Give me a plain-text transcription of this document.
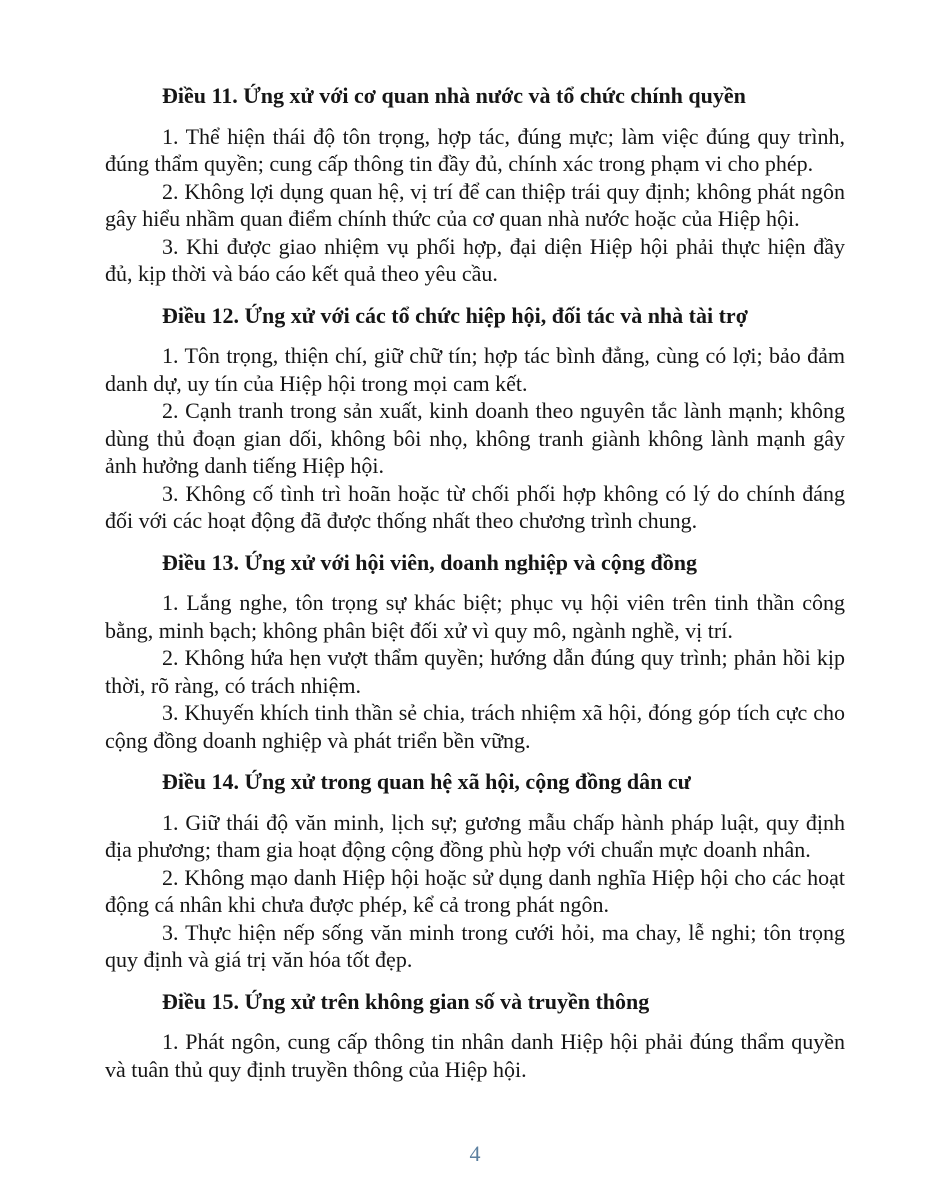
Điều 11. Ứng xử với cơ quan nhà nước và tổ chức chính quyền

1. Thể hiện thái độ tôn trọng, hợp tác, đúng mực; làm việc đúng quy trình, đúng thẩm quyền; cung cấp thông tin đầy đủ, chính xác trong phạm vi cho phép.

2. Không lợi dụng quan hệ, vị trí để can thiệp trái quy định; không phát ngôn gây hiểu nhầm quan điểm chính thức của cơ quan nhà nước hoặc của Hiệp hội.

3. Khi được giao nhiệm vụ phối hợp, đại diện Hiệp hội phải thực hiện đầy đủ, kịp thời và báo cáo kết quả theo yêu cầu.

Điều 12. Ứng xử với các tổ chức hiệp hội, đối tác và nhà tài trợ

1. Tôn trọng, thiện chí, giữ chữ tín; hợp tác bình đẳng, cùng có lợi; bảo đảm danh dự, uy tín của Hiệp hội trong mọi cam kết.

2. Cạnh tranh trong sản xuất, kinh doanh theo nguyên tắc lành mạnh; không dùng thủ đoạn gian dối, không bôi nhọ, không tranh giành không lành mạnh gây ảnh hưởng danh tiếng Hiệp hội.

3. Không cố tình trì hoãn hoặc từ chối phối hợp không có lý do chính đáng đối với các hoạt động đã được thống nhất theo chương trình chung.

Điều 13. Ứng xử với hội viên, doanh nghiệp và cộng đồng

1. Lắng nghe, tôn trọng sự khác biệt; phục vụ hội viên trên tinh thần công bằng, minh bạch; không phân biệt đối xử vì quy mô, ngành nghề, vị trí.

2. Không hứa hẹn vượt thẩm quyền; hướng dẫn đúng quy trình; phản hồi kịp thời, rõ ràng, có trách nhiệm.

3. Khuyến khích tinh thần sẻ chia, trách nhiệm xã hội, đóng góp tích cực cho cộng đồng doanh nghiệp và phát triển bền vững.

Điều 14. Ứng xử trong quan hệ xã hội, cộng đồng dân cư

1. Giữ thái độ văn minh, lịch sự; gương mẫu chấp hành pháp luật, quy định địa phương; tham gia hoạt động cộng đồng phù hợp với chuẩn mực doanh nhân.

2. Không mạo danh Hiệp hội hoặc sử dụng danh nghĩa Hiệp hội cho các hoạt động cá nhân khi chưa được phép, kể cả trong phát ngôn.

3. Thực hiện nếp sống văn minh trong cưới hỏi, ma chay, lễ nghi; tôn trọng quy định và giá trị văn hóa tốt đẹp.

Điều 15. Ứng xử trên không gian số và truyền thông

1. Phát ngôn, cung cấp thông tin nhân danh Hiệp hội phải đúng thẩm quyền và tuân thủ quy định truyền thông của Hiệp hội.

4
